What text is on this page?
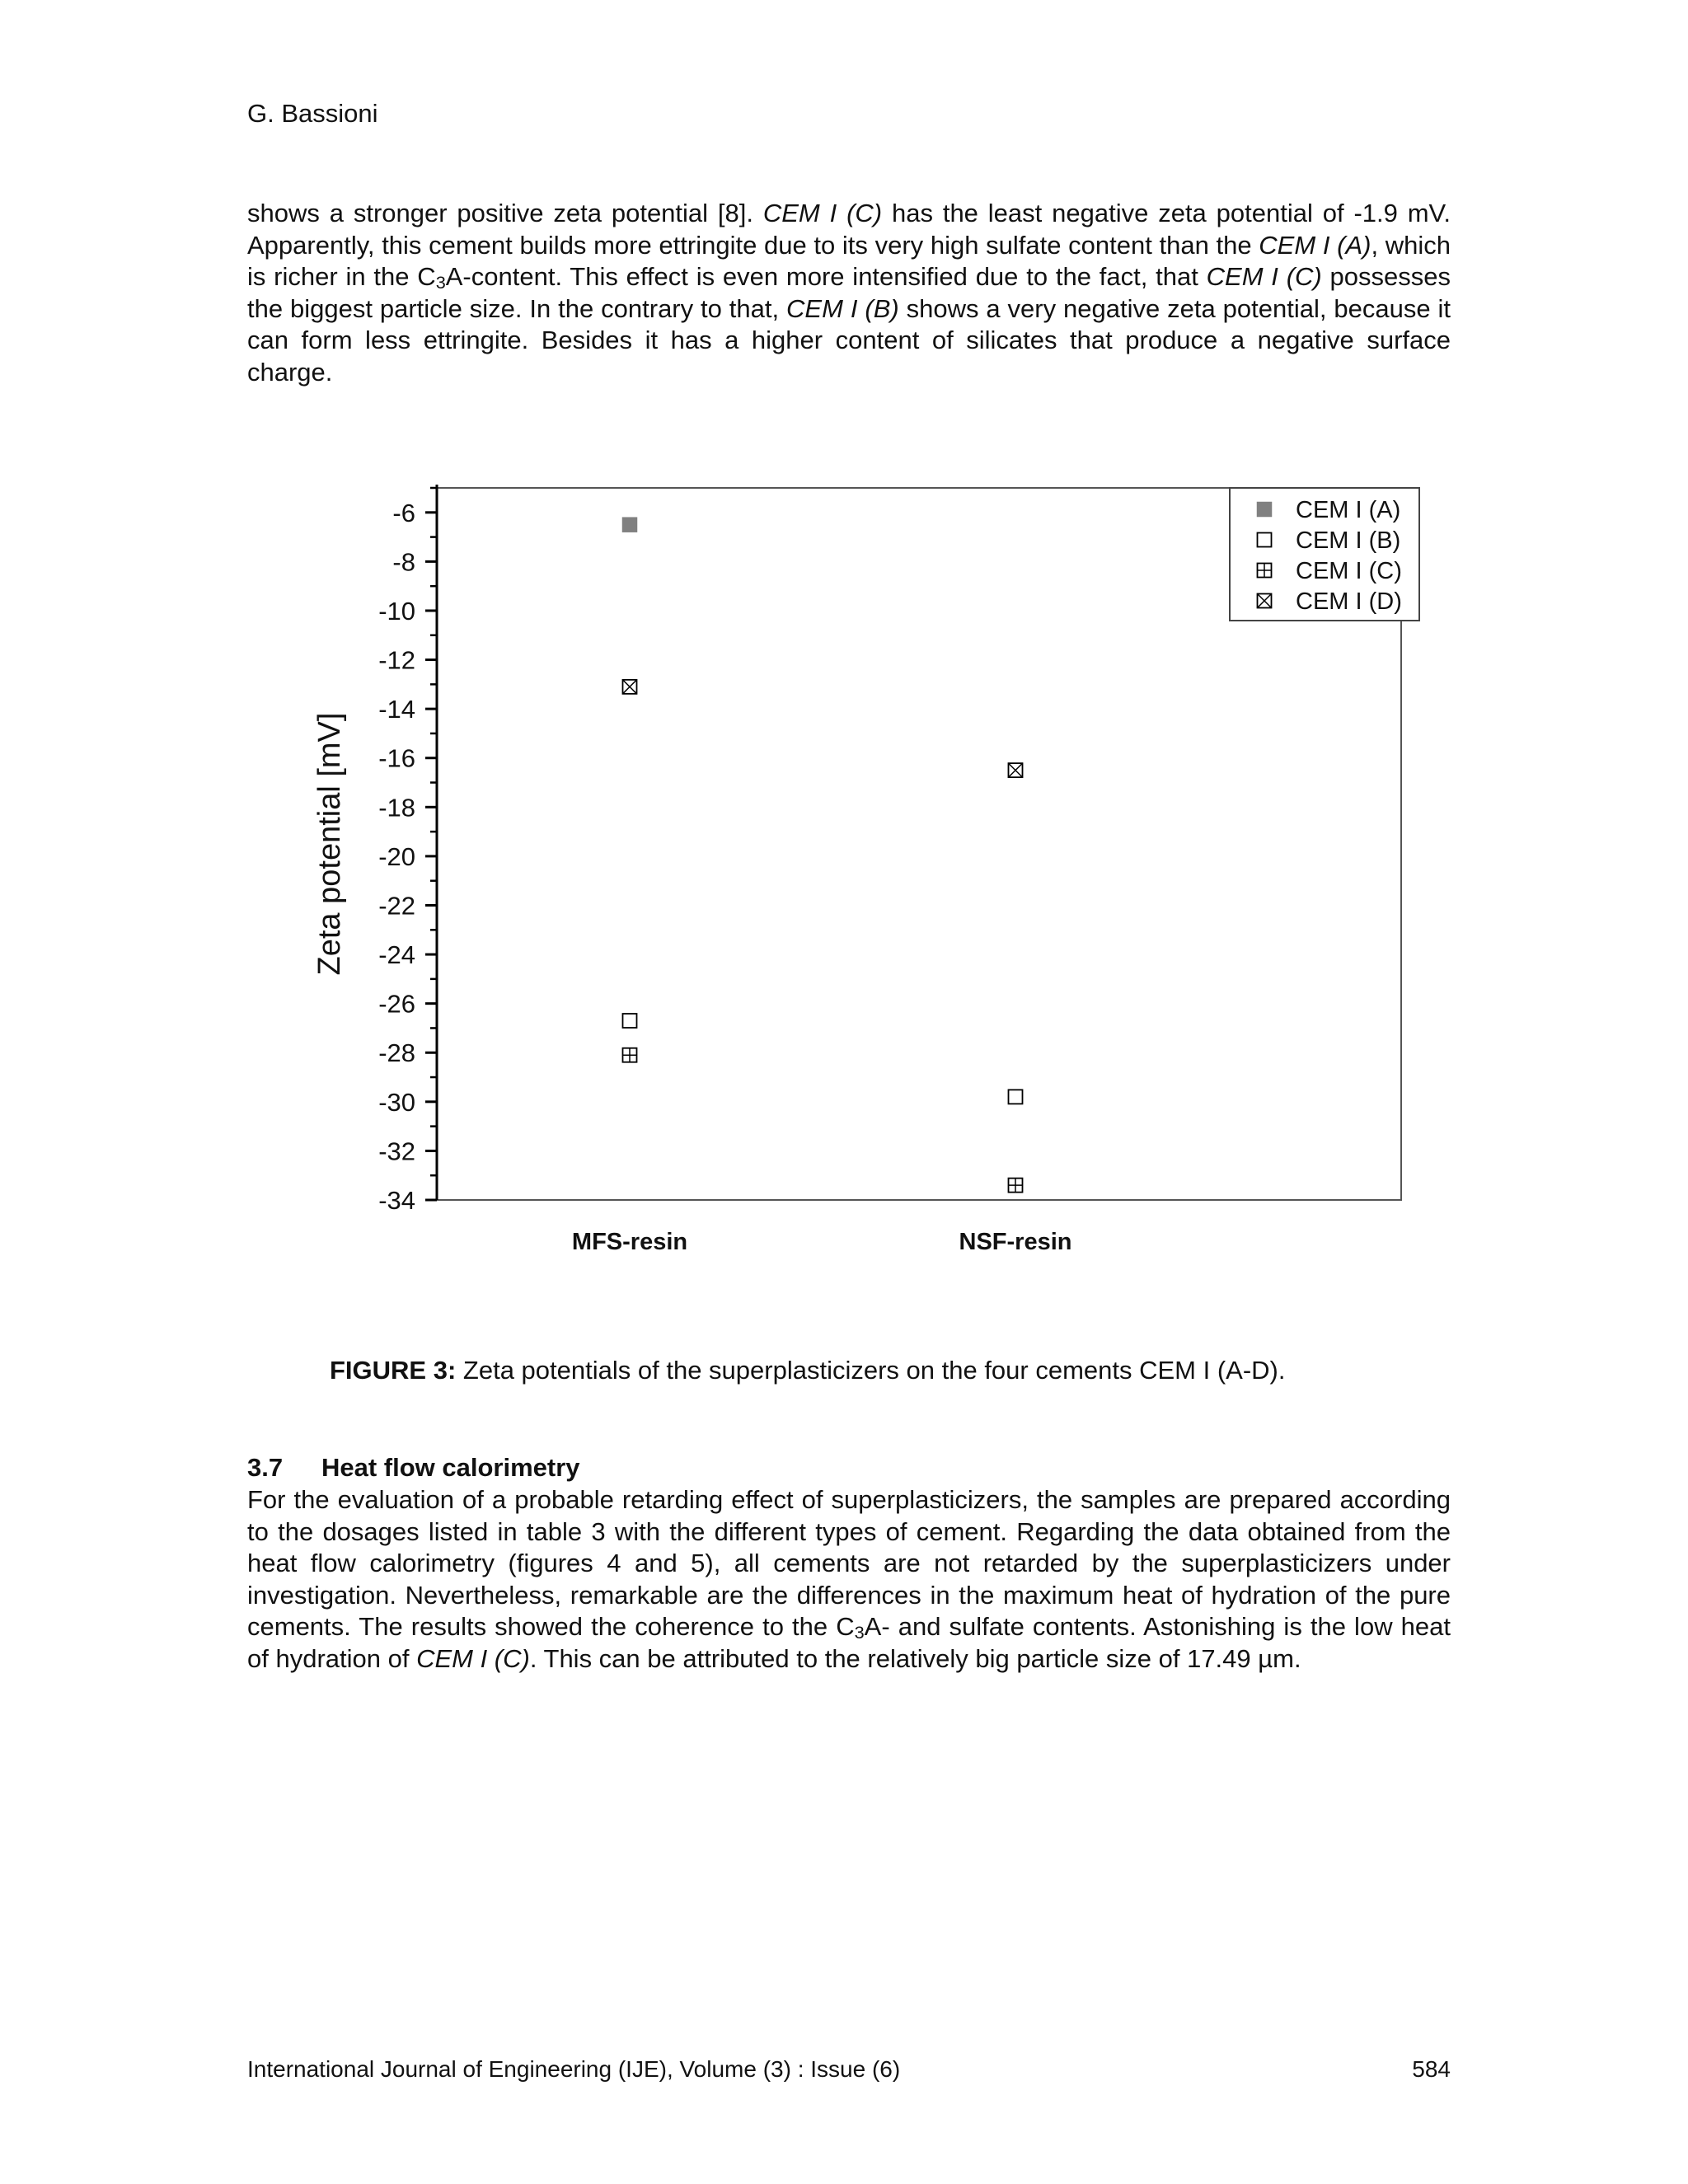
G. Bassioni

shows a stronger positive zeta potential [8]. CEM I (C) has the least negative zeta potential of -1.9 mV. Apparently, this cement builds more ettringite due to its very high sulfate content than the CEM I (A), which is richer in the $C_3A$-content. This effect is even more intensified due to the fact, that CEM I (C) possesses the biggest particle size. In the contrary to that, CEM I (B) shows a very negative zeta potential, because it can form less ettringite. Besides it has a higher content of silicates that produce a negative surface charge.

-6
-8
-10
-12
-14
-16
-18
-20
-22
-24
-26
-28
-30
-32
-34
Zeta potential [mV]
MFS-resin	NSF-resin
CEM I (A)
CEM I (B)
CEM I (C)
CEM I (D)
FIGURE 3: Zeta potentials of the superplasticizers on the four cements CEM I (A-D).
3.7 Heat flow calorimetry

For the evaluation of a probable retarding effect of superplasticizers, the samples are prepared according to the dosages listed in table 3 with the different types of cement. Regarding the data obtained from the heat flow calorimetry (figures 4 and 5), all cements are not retarded by the superplasticizers under investigation. Nevertheless, remarkable are the differences in the maximum heat of hydration of the pure cements. The results showed the coherence to the $C_3A-$ and sulfate contents. Astonishing is the low heat of hydration of CEM I (C). This can be attributed to the relatively big particle size of 17.49 µm.

International Journal of Engineering (IJE), Volume (3) : Issue (6)	584
